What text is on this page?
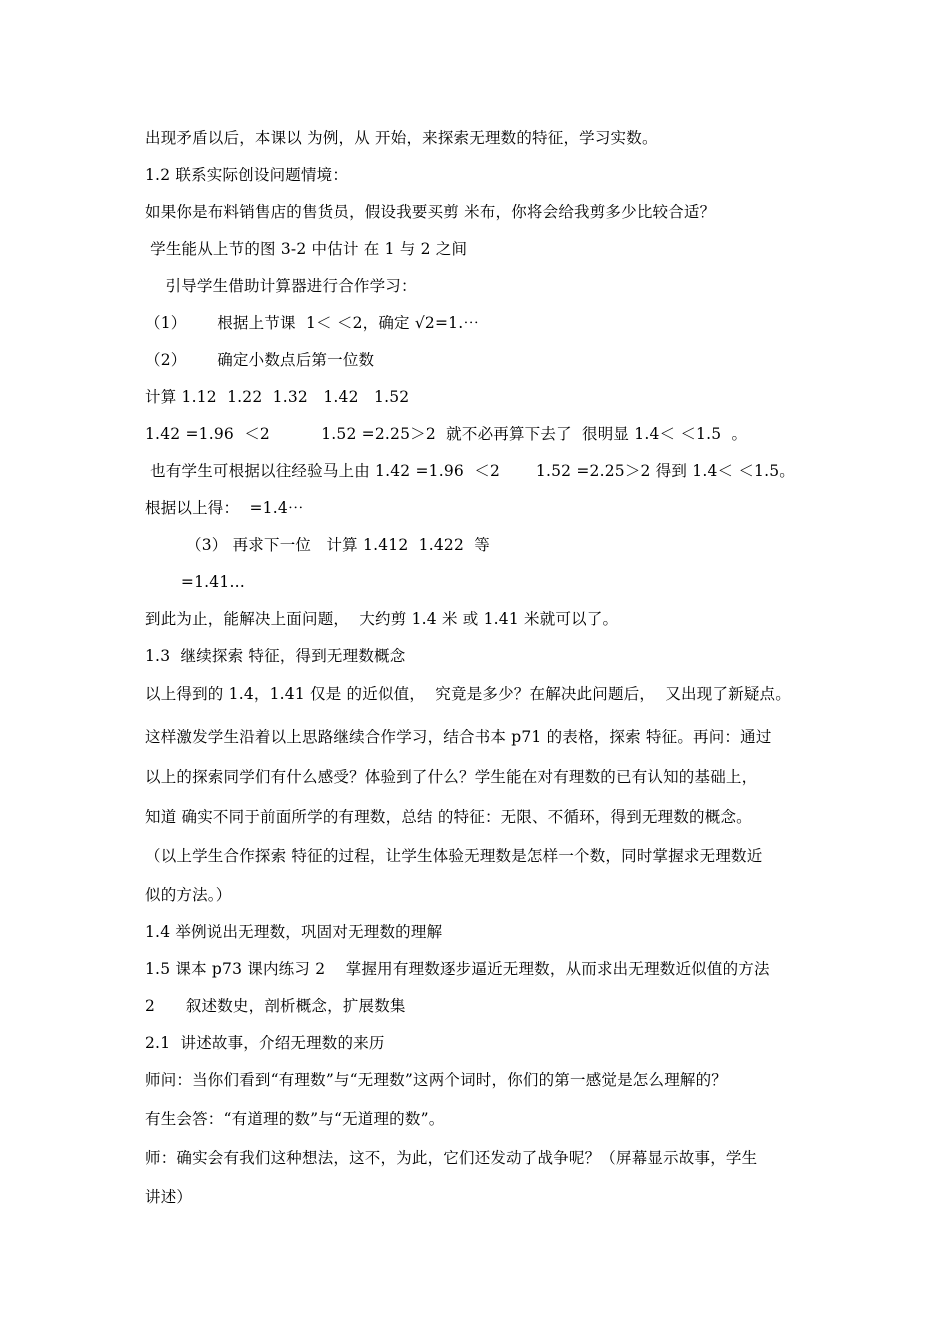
出现矛盾以后，本课以 为例，从 开始，来探索无理数的特征，学习实数。
1.2 联系实际创设问题情境：
如果你是布料销售店的售货员，假设我要买剪 米布，你将会给我剪多少比较合适？
学生能从上节的图 3-2 中估计 在 1 与 2 之间
引导学生借助计算器进行合作学习：
（1）      根据上节课  1＜ ＜2，确定 √2=1.⋯
（2）      确定小数点后第一位数
计算 1.12  1.22  1.32   1.42   1.52
1.42 =1.96  ＜2          1.52 =2.25＞2  就不必再算下去了  很明显 1.4＜ ＜1.5  。
也有学生可根据以往经验马上由 1.42 =1.96  ＜2       1.52 =2.25＞2 得到 1.4＜ ＜1.5。
根据以上得：  =1.4⋯
（3） 再求下一位   计算 1.412  1.422  等
=1.41…
到此为止，能解决上面问题，  大约剪 1.4 米 或 1.41 米就可以了。
1.3  继续探索 特征，得到无理数概念
以上得到的 1.4，1.41 仅是 的近似值，  究竟是多少？在解决此问题后，  又出现了新疑点。
这样激发学生沿着以上思路继续合作学习，结合书本 p71 的表格，探索 特征。再问：通过
以上的探索同学们有什么感受？体验到了什么？学生能在对有理数的已有认知的基础上，
知道 确实不同于前面所学的有理数，总结 的特征：无限、不循环，得到无理数的概念。
（以上学生合作探索 特征的过程，让学生体验无理数是怎样一个数，同时掌握求无理数近
似的方法。）
1.4 举例说出无理数，巩固对无理数的理解
1.5 课本 p73 课内练习 2    掌握用有理数逐步逼近无理数，从而求出无理数近似值的方法
2      叙述数史，剖析概念，扩展数集
2.1  讲述故事，介绍无理数的来历
师问：当你们看到“有理数”与“无理数”这两个词时，你们的第一感觉是怎么理解的？
有生会答：“有道理的数”与“无道理的数”。
师：确实会有我们这种想法，这不，为此，它们还发动了战争呢？（屏幕显示故事，学生
讲述）
